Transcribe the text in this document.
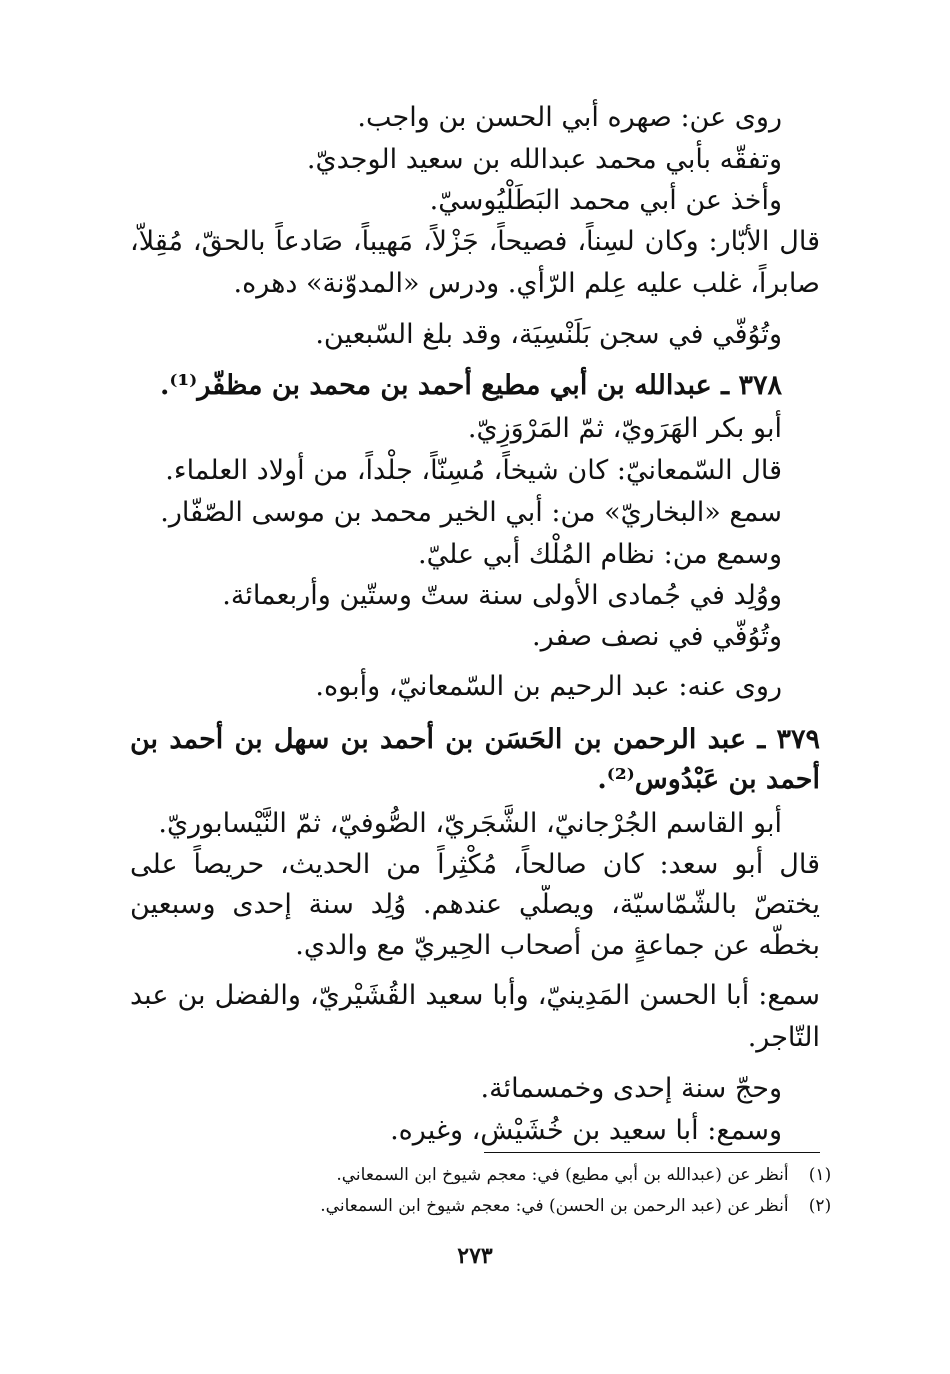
روى عن: صهره أبي الحسن بن واجب.
وتفقّه بأبي محمد عبدالله بن سعيد الوجديّ.
وأخذ عن أبي محمد البَطَلْيُوسيّ.
قال الأبّار: وكان لسِناً، فصيحاً، جَزْلاً، مَهيباً، صَادعاً بالحقّ، مُقِلاًّ،
صابراً، غلب عليه عِلم الرّأي. ودرس «المدوّنة» دهره.
وتُوُفّي في سجن بَلَنْسِيَة، وقد بلغ السّبعين.
٣٧٨ ـ عبدالله بن أبي مطيع أحمد بن محمد بن مظفّر⁽¹⁾.
أبو بكر الهَرَويّ، ثمّ المَرْوَزِيّ.
قال السّمعانيّ: كان شيخاً، مُسِنّاً، جلْداً، من أولاد العلماء.
سمع «البخاريّ» من: أبي الخير محمد بن موسى الصّفّار.
وسمع من: نظام المُلْك أبي عليّ.
ووُلِد في جُمادى الأولى سنة ستّ وستّين وأربعمائة.
وتُوُفّي في نصف صفر.
روى عنه: عبد الرحيم بن السّمعانيّ، وأبوه.
٣٧٩ ـ عبد الرحمن بن الحَسَن بن أحمد بن سهل بن أحمد بن
أحمد بن عَبْدُوس⁽²⁾.
أبو القاسم الجُرْجانيّ، الشَّجَريّ، الصُّوفيّ، ثمّ النَّيْسابوريّ.
قال أبو سعد: كان صالحاً، مُكْثِراً من الحديث، حريصاً على
يختصّ بالشّمّاسيّة، ويصلّي عندهم. وُلِد سنة إحدى وسبعين
بخطّه عن جماعةٍ من أصحاب الحِيريّ مع والدي.
سمع: أبا الحسن المَدِينيّ، وأبا سعيد القُشَيْريّ، والفضل بن عبد
التّاجر.
وحجّ سنة إحدى وخمسمائة.
وسمع: أبا سعيد بن خُشَيْش، وغيره.
(١) أنظر عن (عبدالله بن أبي مطيع) في: معجم شيوخ ابن السمعاني.
(٢) أنظر عن (عبد الرحمن بن الحسن) في: معجم شيوخ ابن السمعاني.
٢٧٣
